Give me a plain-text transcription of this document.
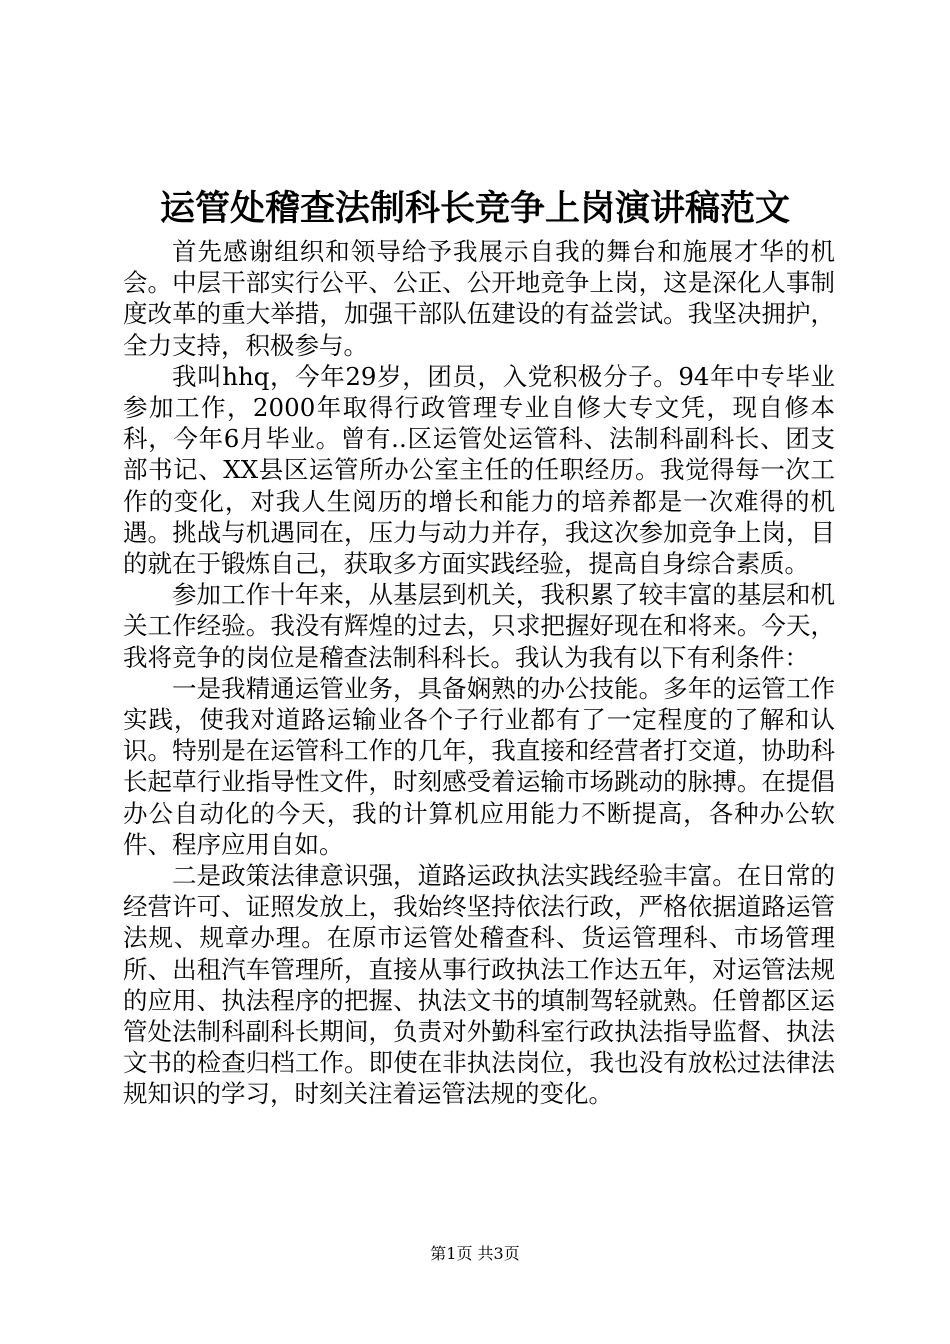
运管处稽查法制科长竞争上岗演讲稿范文

首先感谢组织和领导给予我展示自我的舞台和施展才华的机会。中层干部实行公平、公正、公开地竞争上岗，这是深化人事制度改革的重大举措，加强干部队伍建设的有益尝试。我坚决拥护，全力支持，积极参与。

我叫hhq，今年29岁，团员，入党积极分子。94年中专毕业参加工作，2000年取得行政管理专业自修大专文凭，现自修本科，今年6月毕业。曾有..区运管处运管科、法制科副科长、团支部书记、XX县区运管所办公室主任的任职经历。我觉得每一次工作的变化，对我人生阅历的增长和能力的培养都是一次难得的机遇。挑战与机遇同在，压力与动力并存，我这次参加竞争上岗，目的就在于锻炼自己，获取多方面实践经验，提高自身综合素质。

参加工作十年来，从基层到机关，我积累了较丰富的基层和机关工作经验。我没有辉煌的过去，只求把握好现在和将来。今天，我将竞争的岗位是稽查法制科科长。我认为我有以下有利条件：

一是我精通运管业务，具备娴熟的办公技能。多年的运管工作实践，使我对道路运输业各个子行业都有了一定程度的了解和认识。特别是在运管科工作的几年，我直接和经营者打交道，协助科长起草行业指导性文件，时刻感受着运输市场跳动的脉搏。在提倡办公自动化的今天，我的计算机应用能力不断提高，各种办公软件、程序应用自如。

二是政策法律意识强，道路运政执法实践经验丰富。在日常的经营许可、证照发放上，我始终坚持依法行政，严格依据道路运管法规、规章办理。在原市运管处稽查科、货运管理科、市场管理所、出租汽车管理所，直接从事行政执法工作达五年，对运管法规的应用、执法程序的把握、执法文书的填制驾轻就熟。任曾都区运管处法制科副科长期间，负责对外勤科室行政执法指导监督、执法文书的检查归档工作。即使在非执法岗位，我也没有放松过法律法规知识的学习，时刻关注着运管法规的变化。

第1页 共3页
